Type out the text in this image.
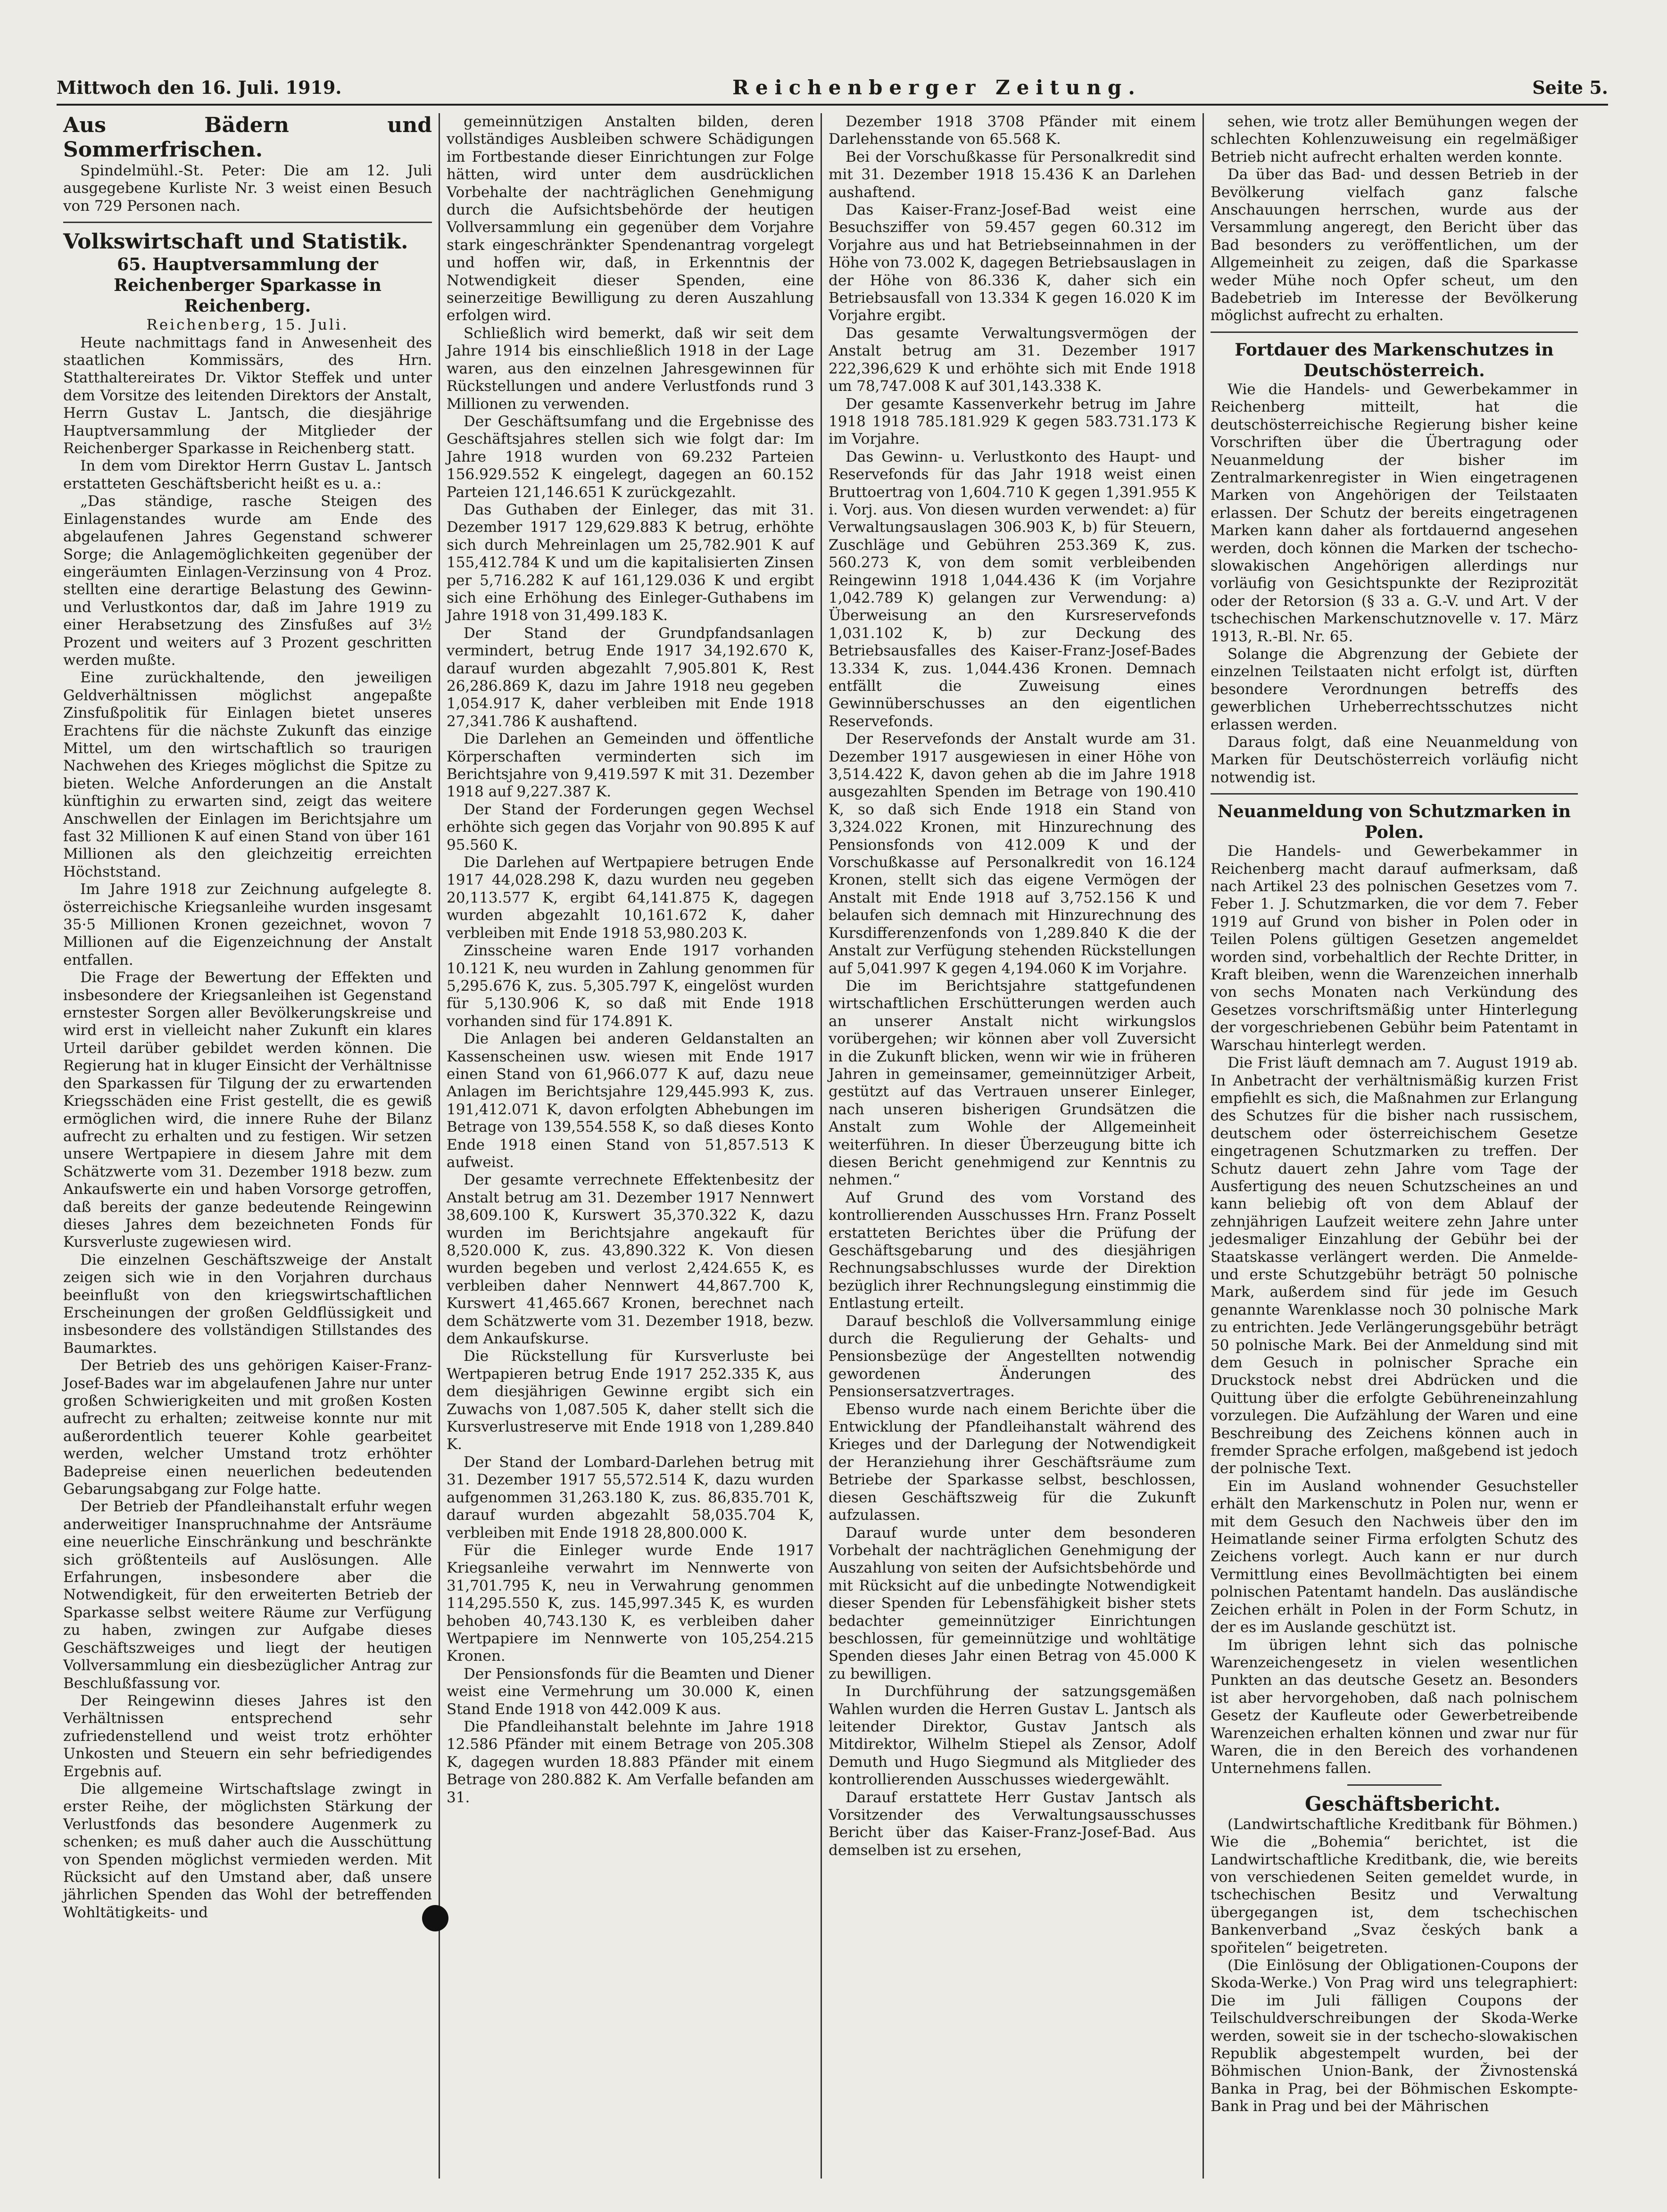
Mittwoch den 16. Juli. 1919.	Reichenberger Zeitung.	Seite 5.

Aus Bädern und Sommerfrischen.

Spindelmühl.-St. Peter: Die am 12. Juli ausgegebene Kurliste Nr. 3 weist einen Besuch von 729 Personen nach.

Volkswirtschaft und Statistik.

65. Hauptversammlung der Reichenberger Sparkasse in Reichenberg.

Reichenberg, 15. Juli.

Heute nachmittags fand in Anwesenheit des staatlichen Kommissärs, des Hrn. Statthaltereirates Dr. Viktor Steffek und unter dem Vorsitze des leitenden Direktors der Anstalt, Herrn Gustav L. Jantsch, die diesjährige Hauptversammlung der Mitglieder der Reichenberger Sparkasse in Reichenberg statt.

In dem vom Direktor Herrn Gustav L. Jantsch erstatteten Geschäftsbericht heißt es u. a.:

„Das ständige, rasche Steigen des Einlagenstandes wurde am Ende des abgelaufenen Jahres Gegenstand schwerer Sorge; die Anlagemöglichkeiten gegenüber der eingeräumten Einlagen-Verzinsung von 4 Proz. stellten eine derartige Belastung des Gewinn- und Verlustkontos dar, daß im Jahre 1919 zu einer Herabsetzung des Zinsfußes auf 3½ Prozent und weiters auf 3 Prozent geschritten werden mußte.

Eine zurückhaltende, den jeweiligen Geldverhältnissen möglichst angepaßte Zinsfußpolitik für Einlagen bietet unseres Erachtens für die nächste Zukunft das einzige Mittel, um den wirtschaftlich so traurigen Nachwehen des Krieges möglichst die Spitze zu bieten. Welche Anforderungen an die Anstalt künftighin zu erwarten sind, zeigt das weitere Anschwellen der Einlagen im Berichtsjahre um fast 32 Millionen K auf einen Stand von über 161 Millionen als den gleichzeitig erreichten Höchststand.

Im Jahre 1918 zur Zeichnung aufgelegte 8. österreichische Kriegsanleihe wurden insgesamt 35·5 Millionen Kronen gezeichnet, wovon 7 Millionen auf die Eigenzeichnung der Anstalt entfallen.

Die Frage der Bewertung der Effekten und insbesondere der Kriegsanleihen ist Gegenstand ernstester Sorgen aller Bevölkerungskreise und wird erst in vielleicht naher Zukunft ein klares Urteil darüber gebildet werden können. Die Regierung hat in kluger Einsicht der Verhältnisse den Sparkassen für Tilgung der zu erwartenden Kriegsschäden eine Frist gestellt, die es gewiß ermöglichen wird, die innere Ruhe der Bilanz aufrecht zu erhalten und zu festigen. Wir setzen unsere Wertpapiere in diesem Jahre mit dem Schätzwerte vom 31. Dezember 1918 bezw. zum Ankaufswerte ein und haben Vorsorge getroffen, daß bereits der ganze bedeutende Reingewinn dieses Jahres dem bezeichneten Fonds für Kursverluste zugewiesen wird.

Die einzelnen Geschäftszweige der Anstalt zeigen sich wie in den Vorjahren durchaus beeinflußt von den kriegswirtschaftlichen Erscheinungen der großen Geldflüssigkeit und insbesondere des vollständigen Stillstandes des Baumarktes.

Der Betrieb des uns gehörigen Kaiser-Franz-Josef-Bades war im abgelaufenen Jahre nur unter großen Schwierigkeiten und mit großen Kosten aufrecht zu erhalten; zeitweise konnte nur mit außerordentlich teuerer Kohle gearbeitet werden, welcher Umstand trotz erhöhter Badepreise einen neuerlichen bedeutenden Gebarungsabgang zur Folge hatte.

Der Betrieb der Pfandleihanstalt erfuhr wegen anderweitiger Inanspruchnahme der Antsräume eine neuerliche Einschränkung und beschränkte sich größtenteils auf Auslösungen. Alle Erfahrungen, insbesondere aber die Notwendigkeit, für den erweiterten Betrieb der Sparkasse selbst weitere Räume zur Verfügung zu haben, zwingen zur Aufgabe dieses Geschäftszweiges und liegt der heutigen Vollversammlung ein diesbezüglicher Antrag zur Beschlußfassung vor.

Der Reingewinn dieses Jahres ist den Verhältnissen entsprechend sehr zufriedenstellend und weist trotz erhöhter Unkosten und Steuern ein sehr befriedigendes Ergebnis auf.

Die allgemeine Wirtschaftslage zwingt in erster Reihe, der möglichsten Stärkung der Verlustfonds das besondere Augenmerk zu schenken; es muß daher auch die Ausschüttung von Spenden möglichst vermieden werden. Mit Rücksicht auf den Umstand aber, daß unsere jährlichen Spenden das Wohl der betreffenden Wohltätigkeits- und

gemeinnützigen Anstalten bilden, deren vollständiges Ausbleiben schwere Schädigungen im Fortbestande dieser Einrichtungen zur Folge hätten, wird unter dem ausdrücklichen Vorbehalte der nachträglichen Genehmigung durch die Aufsichtsbehörde der heutigen Vollversammlung ein gegenüber dem Vorjahre stark eingeschränkter Spendenantrag vorgelegt und hoffen wir, daß, in Erkenntnis der Notwendigkeit dieser Spenden, eine seinerzeitige Bewilligung zu deren Auszahlung erfolgen wird.

Schließlich wird bemerkt, daß wir seit dem Jahre 1914 bis einschließlich 1918 in der Lage waren, aus den einzelnen Jahresgewinnen für Rückstellungen und andere Verlustfonds rund 3 Millionen zu verwenden.

Der Geschäftsumfang und die Ergebnisse des Geschäftsjahres stellen sich wie folgt dar: Im Jahre 1918 wurden von 69.232 Parteien 156.929.552 K eingelegt, dagegen an 60.152 Parteien 121,146.651 K zurückgezahlt.

Das Guthaben der Einleger, das mit 31. Dezember 1917 129,629.883 K betrug, erhöhte sich durch Mehreinlagen um 25,782.901 K auf 155,412.784 K und um die kapitalisierten Zinsen per 5,716.282 K auf 161,129.036 K und ergibt sich eine Erhöhung des Einleger-Guthabens im Jahre 1918 von 31,499.183 K.

Der Stand der Grundpfandsanlagen vermindert, betrug Ende 1917 34,192.670 K, darauf wurden abgezahlt 7,905.801 K, Rest 26,286.869 K, dazu im Jahre 1918 neu gegeben 1,054.917 K, daher verbleiben mit Ende 1918 27,341.786 K aushaftend.

Die Darlehen an Gemeinden und öffentliche Körperschaften verminderten sich im Berichtsjahre von 9,419.597 K mit 31. Dezember 1918 auf 9,227.387 K.

Der Stand der Forderungen gegen Wechsel erhöhte sich gegen das Vorjahr von 90.895 K auf 95.560 K.

Die Darlehen auf Wertpapiere betrugen Ende 1917 44,028.298 K, dazu wurden neu gegeben 20,113.577 K, ergibt 64,141.875 K, dagegen wurden abgezahlt 10,161.672 K, daher verbleiben mit Ende 1918 53,980.203 K.

Zinsscheine waren Ende 1917 vorhanden 10.121 K, neu wurden in Zahlung genommen für 5,295.676 K, zus. 5,305.797 K, eingelöst wurden für 5,130.906 K, so daß mit Ende 1918 vorhanden sind für 174.891 K.

Die Anlagen bei anderen Geldanstalten an Kassenscheinen usw. wiesen mit Ende 1917 einen Stand von 61,966.077 K auf, dazu neue Anlagen im Berichtsjahre 129,445.993 K, zus. 191,412.071 K, davon erfolgten Abhebungen im Betrage von 139,554.558 K, so daß dieses Konto Ende 1918 einen Stand von 51,857.513 K aufweist.

Der gesamte verrechnete Effektenbesitz der Anstalt betrug am 31. Dezember 1917 Nennwert 38,609.100 K, Kurswert 35,370.322 K, dazu wurden im Berichtsjahre angekauft für 8,520.000 K, zus. 43,890.322 K. Von diesen wurden begeben und verlost 2,424.655 K, es verbleiben daher Nennwert 44,867.700 K, Kurswert 41,465.667 Kronen, berechnet nach dem Schätzwerte vom 31. Dezember 1918, bezw. dem Ankaufskurse.

Die Rückstellung für Kursverluste bei Wertpapieren betrug Ende 1917 252.335 K, aus dem diesjährigen Gewinne ergibt sich ein Zuwachs von 1,087.505 K, daher stellt sich die Kursverlustreserve mit Ende 1918 von 1,289.840 K.

Der Stand der Lombard-Darlehen betrug mit 31. Dezember 1917 55,572.514 K, dazu wurden aufgenommen 31,263.180 K, zus. 86,835.701 K, darauf wurden abgezahlt 58,035.704 K, verbleiben mit Ende 1918 28,800.000 K.

Für die Einleger wurde Ende 1917 Kriegsanleihe verwahrt im Nennwerte von 31,701.795 K, neu in Verwahrung genommen 114,295.550 K, zus. 145,997.345 K, es wurden behoben 40,743.130 K, es verbleiben daher Wertpapiere im Nennwerte von 105,254.215 Kronen.

Der Pensionsfonds für die Beamten und Diener weist eine Vermehrung um 30.000 K, einen Stand Ende 1918 von 442.009 K aus.

Die Pfandleihanstalt belehnte im Jahre 1918 12.586 Pfänder mit einem Betrage von 205.308 K, dagegen wurden 18.883 Pfänder mit einem Betrage von 280.882 K. Am Verfalle befanden am 31.

Dezember 1918 3708 Pfänder mit einem Darlehensstande von 65.568 K.

Bei der Vorschußkasse für Personalkredit sind mit 31. Dezember 1918 15.436 K an Darlehen aushaftend.

Das Kaiser-Franz-Josef-Bad weist eine Besuchsziffer von 59.457 gegen 60.312 im Vorjahre aus und hat Betriebseinnahmen in der Höhe von 73.002 K, dagegen Betriebsauslagen in der Höhe von 86.336 K, daher sich ein Betriebsausfall von 13.334 K gegen 16.020 K im Vorjahre ergibt.

Das gesamte Verwaltungsvermögen der Anstalt betrug am 31. Dezember 1917 222,396,629 K und erhöhte sich mit Ende 1918 um 78,747.008 K auf 301,143.338 K.

Der gesamte Kassenverkehr betrug im Jahre 1918 1918 785.181.929 K gegen 583.731.173 K im Vorjahre.

Das Gewinn- u. Verlustkonto des Haupt- und Reservefonds für das Jahr 1918 weist einen Bruttoertrag von 1,604.710 K gegen 1,391.955 K i. Vorj. aus. Von diesen wurden verwendet: a) für Verwaltungsauslagen 306.903 K, b) für Steuern, Zuschläge und Gebühren 253.369 K, zus. 560.273 K, von dem somit verbleibenden Reingewinn 1918 1,044.436 K (im Vorjahre 1,042.789 K) gelangen zur Verwendung: a) Überweisung an den Kursreservefonds 1,031.102 K, b) zur Deckung des Betriebsausfalles des Kaiser-Franz-Josef-Bades 13.334 K, zus. 1,044.436 Kronen. Demnach entfällt die Zuweisung eines Gewinnüberschusses an den eigentlichen Reservefonds.

Der Reservefonds der Anstalt wurde am 31. Dezember 1917 ausgewiesen in einer Höhe von 3,514.422 K, davon gehen ab die im Jahre 1918 ausgezahlten Spenden im Betrage von 190.410 K, so daß sich Ende 1918 ein Stand von 3,324.022 Kronen, mit Hinzurechnung des Pensionsfonds von 412.009 K und der Vorschußkasse auf Personalkredit von 16.124 Kronen, stellt sich das eigene Vermögen der Anstalt mit Ende 1918 auf 3,752.156 K und belaufen sich demnach mit Hinzurechnung des Kursdifferenzenfonds von 1,289.840 K die der Anstalt zur Verfügung stehenden Rückstellungen auf 5,041.997 K gegen 4,194.060 K im Vorjahre.

Die im Berichtsjahre stattgefundenen wirtschaftlichen Erschütterungen werden auch an unserer Anstalt nicht wirkungslos vorübergehen; wir können aber voll Zuversicht in die Zukunft blicken, wenn wir wie in früheren Jahren in gemeinsamer, gemeinnütziger Arbeit, gestützt auf das Vertrauen unserer Einleger, nach unseren bisherigen Grundsätzen die Anstalt zum Wohle der Allgemeinheit weiterführen. In dieser Überzeugung bitte ich diesen Bericht genehmigend zur Kenntnis zu nehmen.“

Auf Grund des vom Vorstand des kontrollierenden Ausschusses Hrn. Franz Posselt erstatteten Berichtes über die Prüfung der Geschäftsgebarung und des diesjährigen Rechnungsabschlusses wurde der Direktion bezüglich ihrer Rechnungslegung einstimmig die Entlastung erteilt.

Darauf beschloß die Vollversammlung einige durch die Regulierung der Gehalts- und Pensionsbezüge der Angestellten notwendig gewordenen Änderungen des Pensionsersatzvertrages.

Ebenso wurde nach einem Berichte über die Entwicklung der Pfandleihanstalt während des Krieges und der Darlegung der Notwendigkeit der Heranziehung ihrer Geschäftsräume zum Betriebe der Sparkasse selbst, beschlossen, diesen Geschäftszweig für die Zukunft aufzulassen.

Darauf wurde unter dem besonderen Vorbehalt der nachträglichen Genehmigung der Auszahlung von seiten der Aufsichtsbehörde und mit Rücksicht auf die unbedingte Notwendigkeit dieser Spenden für Lebensfähigkeit bisher stets bedachter gemeinnütziger Einrichtungen beschlossen, für gemeinnützige und wohltätige Spenden dieses Jahr einen Betrag von 45.000 K zu bewilligen.

In Durchführung der satzungsgemäßen Wahlen wurden die Herren Gustav L. Jantsch als leitender Direktor, Gustav Jantsch als Mitdirektor, Wilhelm Stiepel als Zensor, Adolf Demuth und Hugo Siegmund als Mitglieder des kontrollierenden Ausschusses wiedergewählt.

Darauf erstattete Herr Gustav Jantsch als Vorsitzender des Verwaltungsausschusses Bericht über das Kaiser-Franz-Josef-Bad. Aus demselben ist zu ersehen,

sehen, wie trotz aller Bemühungen wegen der schlechten Kohlenzuweisung ein regelmäßiger Betrieb nicht aufrecht erhalten werden konnte.

Da über das Bad- und dessen Betrieb in der Bevölkerung vielfach ganz falsche Anschauungen herrschen, wurde aus der Versammlung angeregt, den Bericht über das Bad besonders zu veröffentlichen, um der Allgemeinheit zu zeigen, daß die Sparkasse weder Mühe noch Opfer scheut, um den Badebetrieb im Interesse der Bevölkerung möglichst aufrecht zu erhalten.

Fortdauer des Markenschutzes in Deutschösterreich.

Wie die Handels- und Gewerbekammer in Reichenberg mitteilt, hat die deutschösterreichische Regierung bisher keine Vorschriften über die Übertragung oder Neuanmeldung der bisher im Zentralmarkenregister in Wien eingetragenen Marken von Angehörigen der Teilstaaten erlassen. Der Schutz der bereits eingetragenen Marken kann daher als fortdauernd angesehen werden, doch können die Marken der tschecho-slowakischen Angehörigen allerdings nur vorläufig von Gesichtspunkte der Reziprozität oder der Retorsion (§ 33 a. G.-V. und Art. V der tschechischen Markenschutznovelle v. 17. März 1913, R.-Bl. Nr. 65.

Solange die Abgrenzung der Gebiete der einzelnen Teilstaaten nicht erfolgt ist, dürften besondere Verordnungen betreffs des gewerblichen Urheberrechtsschutzes nicht erlassen werden.

Daraus folgt, daß eine Neuanmeldung von Marken für Deutschösterreich vorläufig nicht notwendig ist.

Neuanmeldung von Schutzmarken in Polen.

Die Handels- und Gewerbekammer in Reichenberg macht darauf aufmerksam, daß nach Artikel 23 des polnischen Gesetzes vom 7. Feber 1. J. Schutzmarken, die vor dem 7. Feber 1919 auf Grund von bisher in Polen oder in Teilen Polens gültigen Gesetzen angemeldet worden sind, vorbehaltlich der Rechte Dritter, in Kraft bleiben, wenn die Warenzeichen innerhalb von sechs Monaten nach Verkündung des Gesetzes vorschriftsmäßig unter Hinterlegung der vorgeschriebenen Gebühr beim Patentamt in Warschau hinterlegt werden.

Die Frist läuft demnach am 7. August 1919 ab. In Anbetracht der verhältnismäßig kurzen Frist empfiehlt es sich, die Maßnahmen zur Erlangung des Schutzes für die bisher nach russischem, deutschem oder österreichischem Gesetze eingetragenen Schutzmarken zu treffen. Der Schutz dauert zehn Jahre vom Tage der Ausfertigung des neuen Schutzscheines an und kann beliebig oft von dem Ablauf der zehnjährigen Laufzeit weitere zehn Jahre unter jedesmaliger Einzahlung der Gebühr bei der Staatskasse verlängert werden. Die Anmelde- und erste Schutzgebühr beträgt 50 polnische Mark, außerdem sind für jede im Gesuch genannte Warenklasse noch 30 polnische Mark zu entrichten. Jede Verlängerungsgebühr beträgt 50 polnische Mark. Bei der Anmeldung sind mit dem Gesuch in polnischer Sprache ein Druckstock nebst drei Abdrücken und die Quittung über die erfolgte Gebühreneinzahlung vorzulegen. Die Aufzählung der Waren und eine Beschreibung des Zeichens können auch in fremder Sprache erfolgen, maßgebend ist jedoch der polnische Text.

Ein im Ausland wohnender Gesuchsteller erhält den Markenschutz in Polen nur, wenn er mit dem Gesuch den Nachweis über den im Heimatlande seiner Firma erfolgten Schutz des Zeichens vorlegt. Auch kann er nur durch Vermittlung eines Bevollmächtigten bei einem polnischen Patentamt handeln. Das ausländische Zeichen erhält in Polen in der Form Schutz, in der es im Auslande geschützt ist.

Im übrigen lehnt sich das polnische Warenzeichengesetz in vielen wesentlichen Punkten an das deutsche Gesetz an. Besonders ist aber hervorgehoben, daß nach polnischem Gesetz der Kaufleute oder Gewerbetreibende Warenzeichen erhalten können und zwar nur für Waren, die in den Bereich des vorhandenen Unternehmens fallen.

Geschäftsbericht.

(Landwirtschaftliche Kreditbank für Böhmen.) Wie die „Bohemia“ berichtet, ist die Landwirtschaftliche Kreditbank, die, wie bereits von verschiedenen Seiten gemeldet wurde, in tschechischen Besitz und Verwaltung übergegangen ist, dem tschechischen Bankenverband „Svaz českých bank a spořitelen“ beigetreten.

(Die Einlösung der Obligationen-Coupons der Skoda-Werke.) Von Prag wird uns telegraphiert: Die im Juli fälligen Coupons der Teilschuldverschreibungen der Skoda-Werke werden, soweit sie in der tschecho-slowakischen Republik abgestempelt wurden, bei der Böhmischen Union-Bank, der Živnostenská Banka in Prag, bei der Böhmischen Eskompte-Bank in Prag und bei der Mährischen
